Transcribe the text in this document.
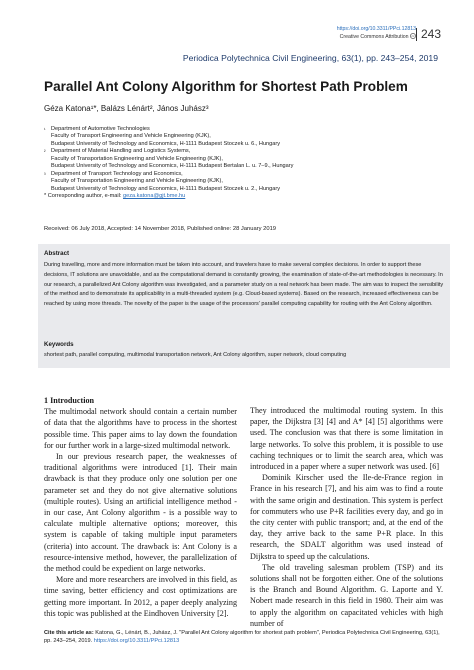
https://doi.org/10.3311/PPci.12813
Creative Commons Attribution cc 243
Periodica Polytechnica Civil Engineering, 63(1), pp. 243–254, 2019
Parallel Ant Colony Algorithm for Shortest Path Problem
Géza Katona¹*, Balázs Lénárt², János Juhász³
¹ Department of Automotive Technologies
Faculty of Transport Engineering and Vehicle Engineering (KJK),
Budapest University of Technology and Economics, H-1111 Budapest Stoczek u. 6., Hungary
² Department of Material Handling and Logistics Systems,
Faculty of Transportation Engineering and Vehicle Engineering (KJK),
Budapest University of Technology and Economics, H-1111 Budapest Bertalan L. u. 7–9., Hungary
³ Department of Transport Technology and Economics,
Faculty of Transportation Engineering and Vehicle Engineering (KJK),
Budapest University of Technology and Economics, H-1111 Budapest Stoczek u. 2., Hungary
* Corresponding author, e-mail: geza.katona@gjt.bme.hu
Received: 06 July 2018, Accepted: 14 November 2018, Published online: 28 January 2019
Abstract
During travelling, more and more information must be taken into account, and travelers have to make several complex decisions. In order to support these decisions, IT solutions are unavoidable, and as the computational demand is constantly growing, the examination of state-of-the-art methodologies is necessary. In our research, a parallelized Ant Colony algorithm was investigated, and a parameter study on a real network has been made. The aim was to inspect the sensibility of the method and to demonstrate its applicability in a multi-threaded system (e.g. Cloud-based systems). Based on the research, increased effectiveness can be reached by using more threads. The novelty of the paper is the usage of the processors' parallel computing capability for routing with the Ant Colony algorithm.
Keywords
shortest path, parallel computing, multimodal transportation network, Ant Colony algorithm, super network, cloud computing
1 Introduction

The multimodal network should contain a certain number of data that the algorithms have to process in the shortest possible time. This paper aims to lay down the foundation for our further work in a large-sized multimodal network.

In our previous research paper, the weaknesses of traditional algorithms were introduced [1]. Their main drawback is that they produce only one solution per one parameter set and they do not give alternative solutions (multiple routes). Using an artificial intelligence method - in our case, Ant Colony algorithm - is a possible way to calculate multiple alternative options; moreover, this system is capable of taking multiple input parameters (criteria) into account. The drawback is: Ant Colony is a resource-intensive method, however, the parallelization of the method could be expedient on large networks.

More and more researchers are involved in this field, as time saving, better efficiency and cost optimizations are getting more important. In 2012, a paper deeply analyzing this topic was published at the Eindhoven University [2].

They introduced the multimodal routing system. In this paper, the Dijkstra [3] [4] and A* [4] [5] algorithms were used. The conclusion was that there is some limitation in large networks. To solve this problem, it is possible to use caching techniques or to limit the search area, which was introduced in a paper where a super network was used. [6]

Dominik Kirscher used the Ile-de-France region in France in his research [7], and his aim was to find a route with the same origin and destination. This system is perfect for commuters who use P+R facilities every day, and go in the city center with public transport; and, at the end of the day, they arrive back to the same P+R place. In this research, the SDALT algorithm was used instead of Dijkstra to speed up the calculations.

The old traveling salesman problem (TSP) and its solutions shall not be forgotten either. One of the solutions is the Branch and Bound Algorithm. G. Laporte and Y. Nobert made research in this field in 1980. Their aim was to apply the algorithm on capacitated vehicles with high number of

Cite this article as: Katona, G., Lénárt, B., Juhász, J. "Parallel Ant Colony algorithm for shortest path problem", Periodica Polytechnica Civil Engineering, 63(1), pp. 243–254, 2019. https://doi.org/10.3311/PPci.12813
